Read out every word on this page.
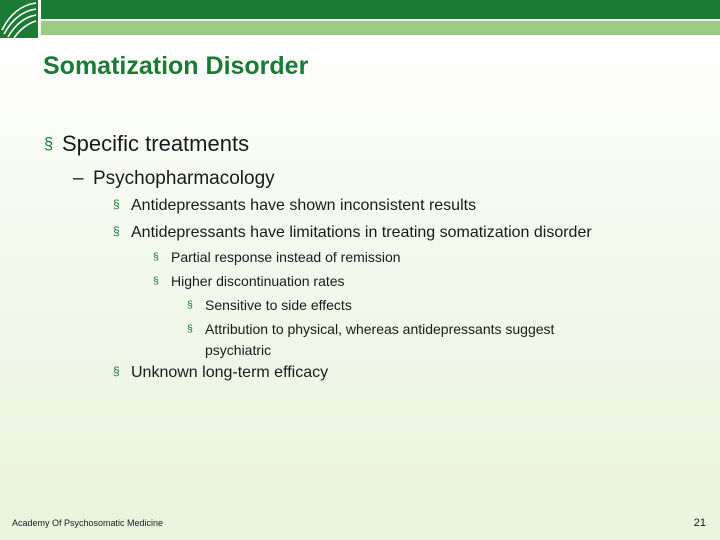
Somatization Disorder
§ Specific treatments
– Psychopharmacology
§ Antidepressants have shown inconsistent results
§ Antidepressants have limitations in treating somatization disorder
§ Partial response instead of remission
§ Higher discontinuation rates
§ Sensitive to side effects
§ Attribution to physical, whereas antidepressants suggest
psychiatric
§ Unknown long-term efficacy
Academy Of Psychosomatic Medicine	21
